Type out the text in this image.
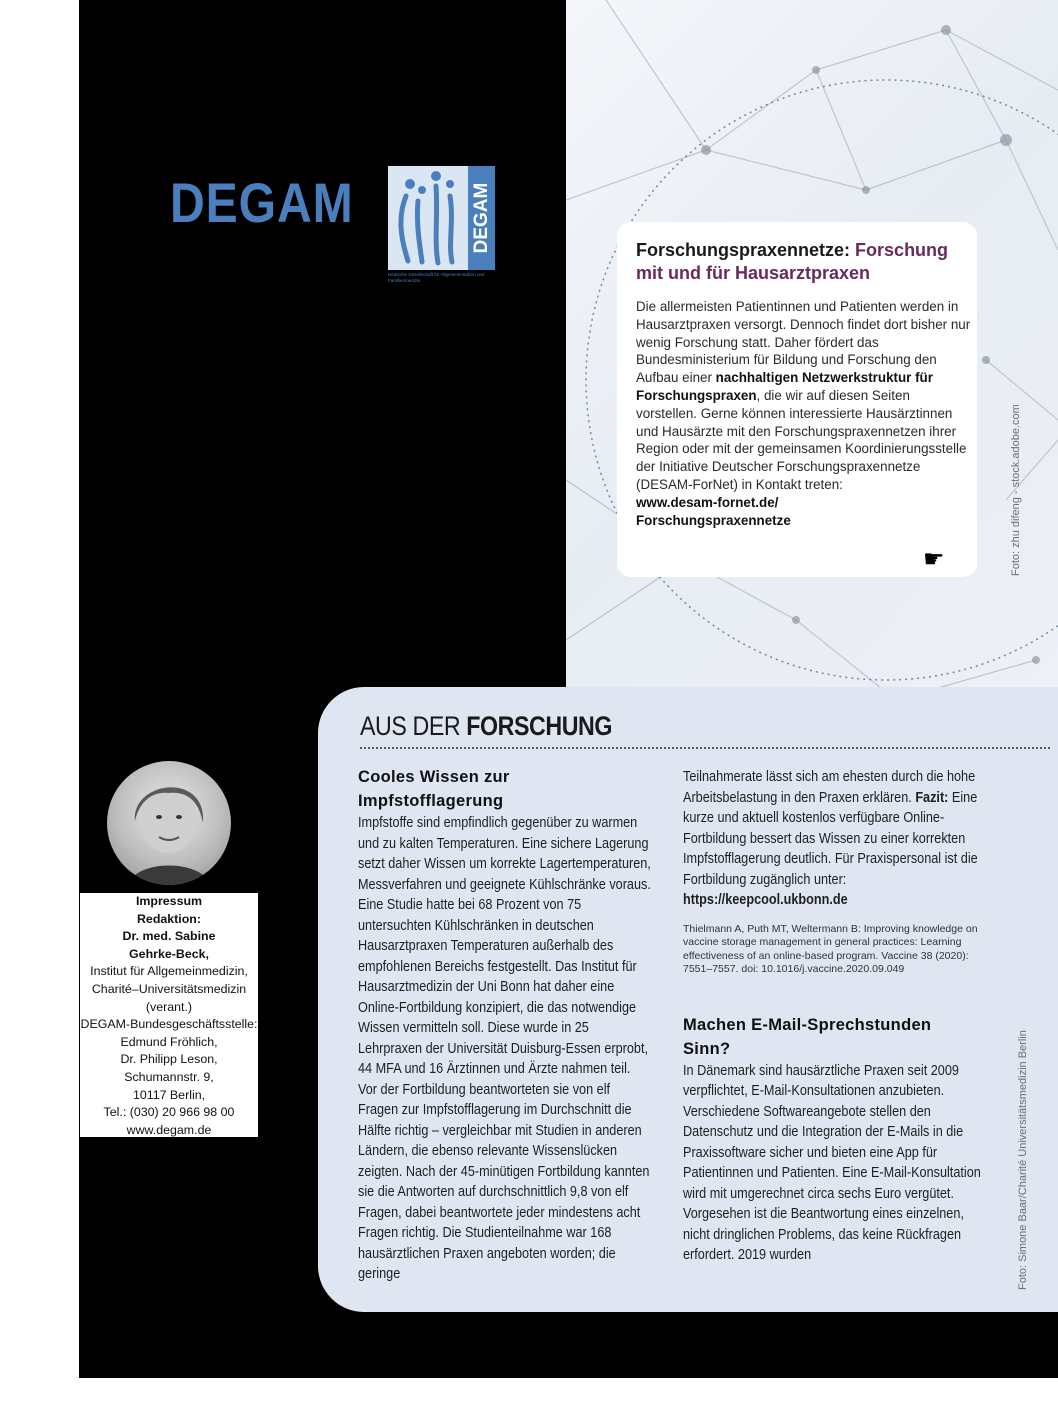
DEGAM	DEGAM
Deutsche Gesellschaft für Allgemeinmedizin und Familienmedizin
Forschungspraxennetze: Forschung mit und für Hausarztpraxen
Die allermeisten Patientinnen und Patienten werden in Hausarztpraxen versorgt. Dennoch findet dort bisher nur wenig Forschung statt. Daher fördert das Bundesministerium für Bildung und Forschung den Aufbau einer nachhaltigen Netzwerkstruktur für Forschungspraxen, die wir auf diesen Seiten vorstellen. Gerne können interessierte Hausärztinnen und Hausärzte mit den Forschungspraxennetzen ihrer Region oder mit der gemeinsamen Koordinierungsstelle der Initiative Deutscher Forschungspraxennetze (DESAM-ForNet) in Kontakt treten:
www.desam-fornet.de/
Forschungspraxennetze
☛	Foto: zhu difeng - stock.adobe.com
AUS DER FORSCHUNG
Cooles Wissen zur Impfstofflagerung
Impfstoffe sind empfindlich gegenüber zu warmen und zu kalten Temperaturen. Eine sichere Lagerung setzt daher Wissen um korrekte Lagertemperaturen, Messverfahren und geeignete Kühlschränke voraus. Eine Studie hatte bei 68 Prozent von 75 untersuchten Kühlschränken in deutschen Hausarztpraxen Temperaturen außerhalb des empfohlenen Bereichs festgestellt. Das Institut für Hausarztmedizin der Uni Bonn hat daher eine Online-Fortbildung konzipiert, die das notwendige Wissen vermitteln soll. Diese wurde in 25 Lehrpraxen der Universität Duisburg-Essen erprobt, 44 MFA und 16 Ärztinnen und Ärzte nahmen teil. Vor der Fortbildung beantworteten sie von elf Fragen zur Impfstofflagerung im Durchschnitt die Hälfte richtig – vergleichbar mit Studien in anderen Ländern, die ebenso relevante Wissenslücken zeigten. Nach der 45-minütigen Fortbildung kannten sie die Antworten auf durchschnittlich 9,8 von elf Fragen, dabei beantwortete jeder mindestens acht Fragen richtig. Die Studienteilnahme war 168 hausärztlichen Praxen angeboten worden; die geringe
Teilnahmerate lässt sich am ehesten durch die hohe Arbeitsbelastung in den Praxen erklären. Fazit: Eine kurze und aktuell kostenlos verfügbare Online-Fortbildung bessert das Wissen zu einer korrekten Impfstofflagerung deutlich. Für Praxispersonal ist die Fortbildung zugänglich unter: https://keepcool.ukbonn.de
Thielmann A, Puth MT, Weltermann B: Improving knowledge on vaccine storage management in general practices: Learning effectiveness of an online-based program. Vaccine 38 (2020): 7551–7557. doi: 10.1016/j.vaccine.2020.09.049
Machen E-Mail-Sprechstunden Sinn?
In Dänemark sind hausärztliche Praxen seit 2009 verpflichtet, E-Mail-Konsultationen anzubieten. Verschiedene Softwareangebote stellen den Datenschutz und die Integration der E-Mails in die Praxissoftware sicher und bieten eine App für Patientinnen und Patienten. Eine E-Mail-Konsultation wird mit umgerechnet circa sechs Euro vergütet. Vorgesehen ist die Beantwortung eines einzelnen, nicht dringlichen Problems, das keine Rückfragen erfordert. 2019 wurden	Foto: Simone Baar/Charité Universitätsmedizin Berlin
Impressum
Redaktion:
Dr. med. Sabine
Gehrke-Beck,
Institut für Allgemeinmedizin,
Charité–Universitätsmedizin
(verant.)
DEGAM-Bundesgeschäftsstelle:
Edmund Fröhlich,
Dr. Philipp Leson,
Schumannstr. 9,
10117 Berlin,
Tel.: (030) 20 966 98 00
www.degam.de
